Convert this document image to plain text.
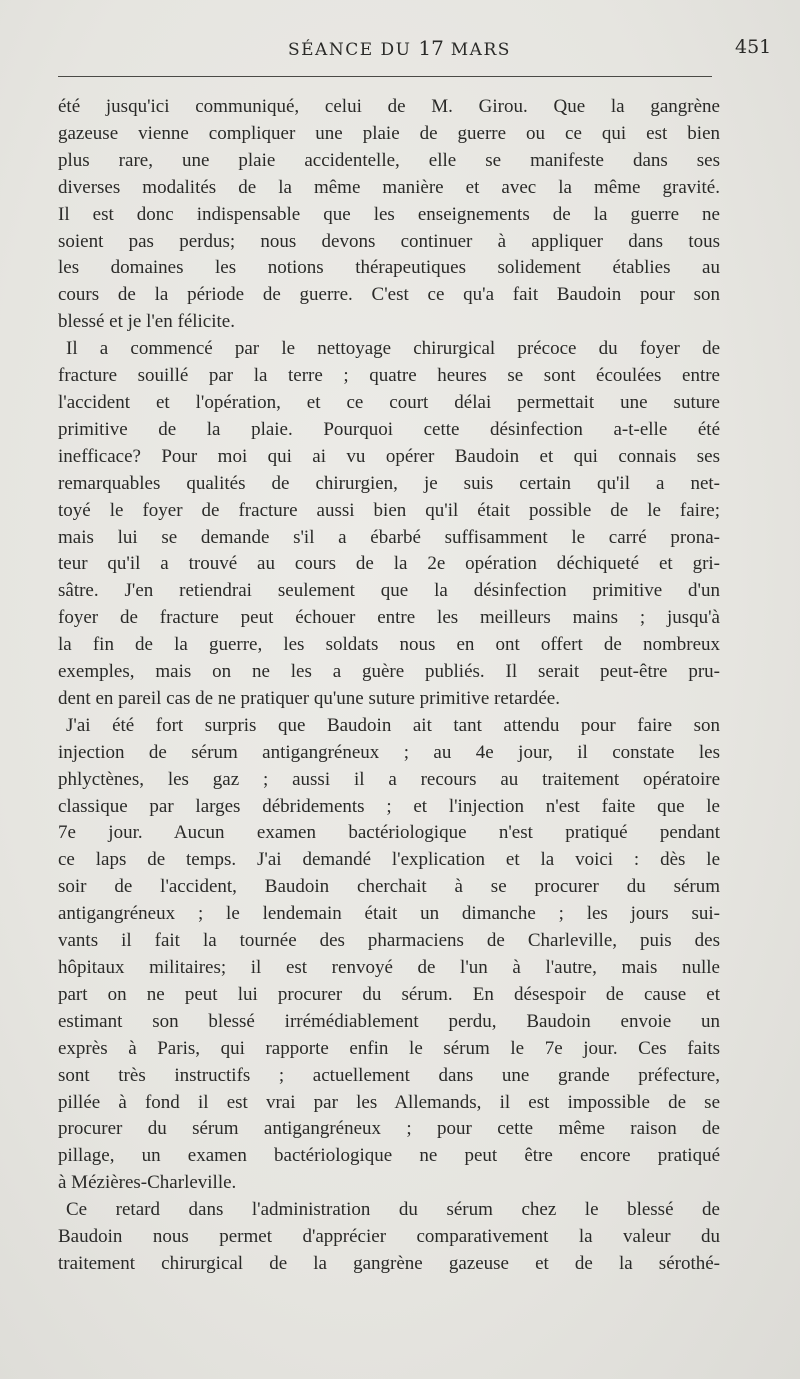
SÉANCE DU 17 MARS	451
été jusqu'ici communiqué, celui de M. Girou. Que la gangrène
gazeuse vienne compliquer une plaie de guerre ou ce qui est bien
plus rare, une plaie accidentelle, elle se manifeste dans ses
diverses modalités de la même manière et avec la même gravité.
Il est donc indispensable que les enseignements de la guerre ne
soient pas perdus; nous devons continuer à appliquer dans tous
les domaines les notions thérapeutiques solidement établies au
cours de la période de guerre. C'est ce qu'a fait Baudoin pour son
blessé et je l'en félicite.
Il a commencé par le nettoyage chirurgical précoce du foyer de
fracture souillé par la terre ; quatre heures se sont écoulées entre
l'accident et l'opération, et ce court délai permettait une suture
primitive de la plaie. Pourquoi cette désinfection a-t-elle été
inefficace? Pour moi qui ai vu opérer Baudoin et qui connais ses
remarquables qualités de chirurgien, je suis certain qu'il a net-
toyé le foyer de fracture aussi bien qu'il était possible de le faire;
mais lui se demande s'il a ébarbé suffisamment le carré prona-
teur qu'il a trouvé au cours de la 2e opération déchiqueté et gri-
sâtre. J'en retiendrai seulement que la désinfection primitive d'un
foyer de fracture peut échouer entre les meilleurs mains ; jusqu'à
la fin de la guerre, les soldats nous en ont offert de nombreux
exemples, mais on ne les a guère publiés. Il serait peut-être pru-
dent en pareil cas de ne pratiquer qu'une suture primitive retardée.
J'ai été fort surpris que Baudoin ait tant attendu pour faire son
injection de sérum antigangréneux ; au 4e jour, il constate les
phlyctènes, les gaz ; aussi il a recours au traitement opératoire
classique par larges débridements ; et l'injection n'est faite que le
7e jour. Aucun examen bactériologique n'est pratiqué pendant
ce laps de temps. J'ai demandé l'explication et la voici : dès le
soir de l'accident, Baudoin cherchait à se procurer du sérum
antigangréneux ; le lendemain était un dimanche ; les jours sui-
vants il fait la tournée des pharmaciens de Charleville, puis des
hôpitaux militaires; il est renvoyé de l'un à l'autre, mais nulle
part on ne peut lui procurer du sérum. En désespoir de cause et
estimant son blessé irrémédiablement perdu, Baudoin envoie un
exprès à Paris, qui rapporte enfin le sérum le 7e jour. Ces faits
sont très instructifs ; actuellement dans une grande préfecture,
pillée à fond il est vrai par les Allemands, il est impossible de se
procurer du sérum antigangréneux ; pour cette même raison de
pillage, un examen bactériologique ne peut être encore pratiqué
à Mézières-Charleville.
Ce retard dans l'administration du sérum chez le blessé de
Baudoin nous permet d'apprécier comparativement la valeur du
traitement chirurgical de la gangrène gazeuse et de la sérothé-
